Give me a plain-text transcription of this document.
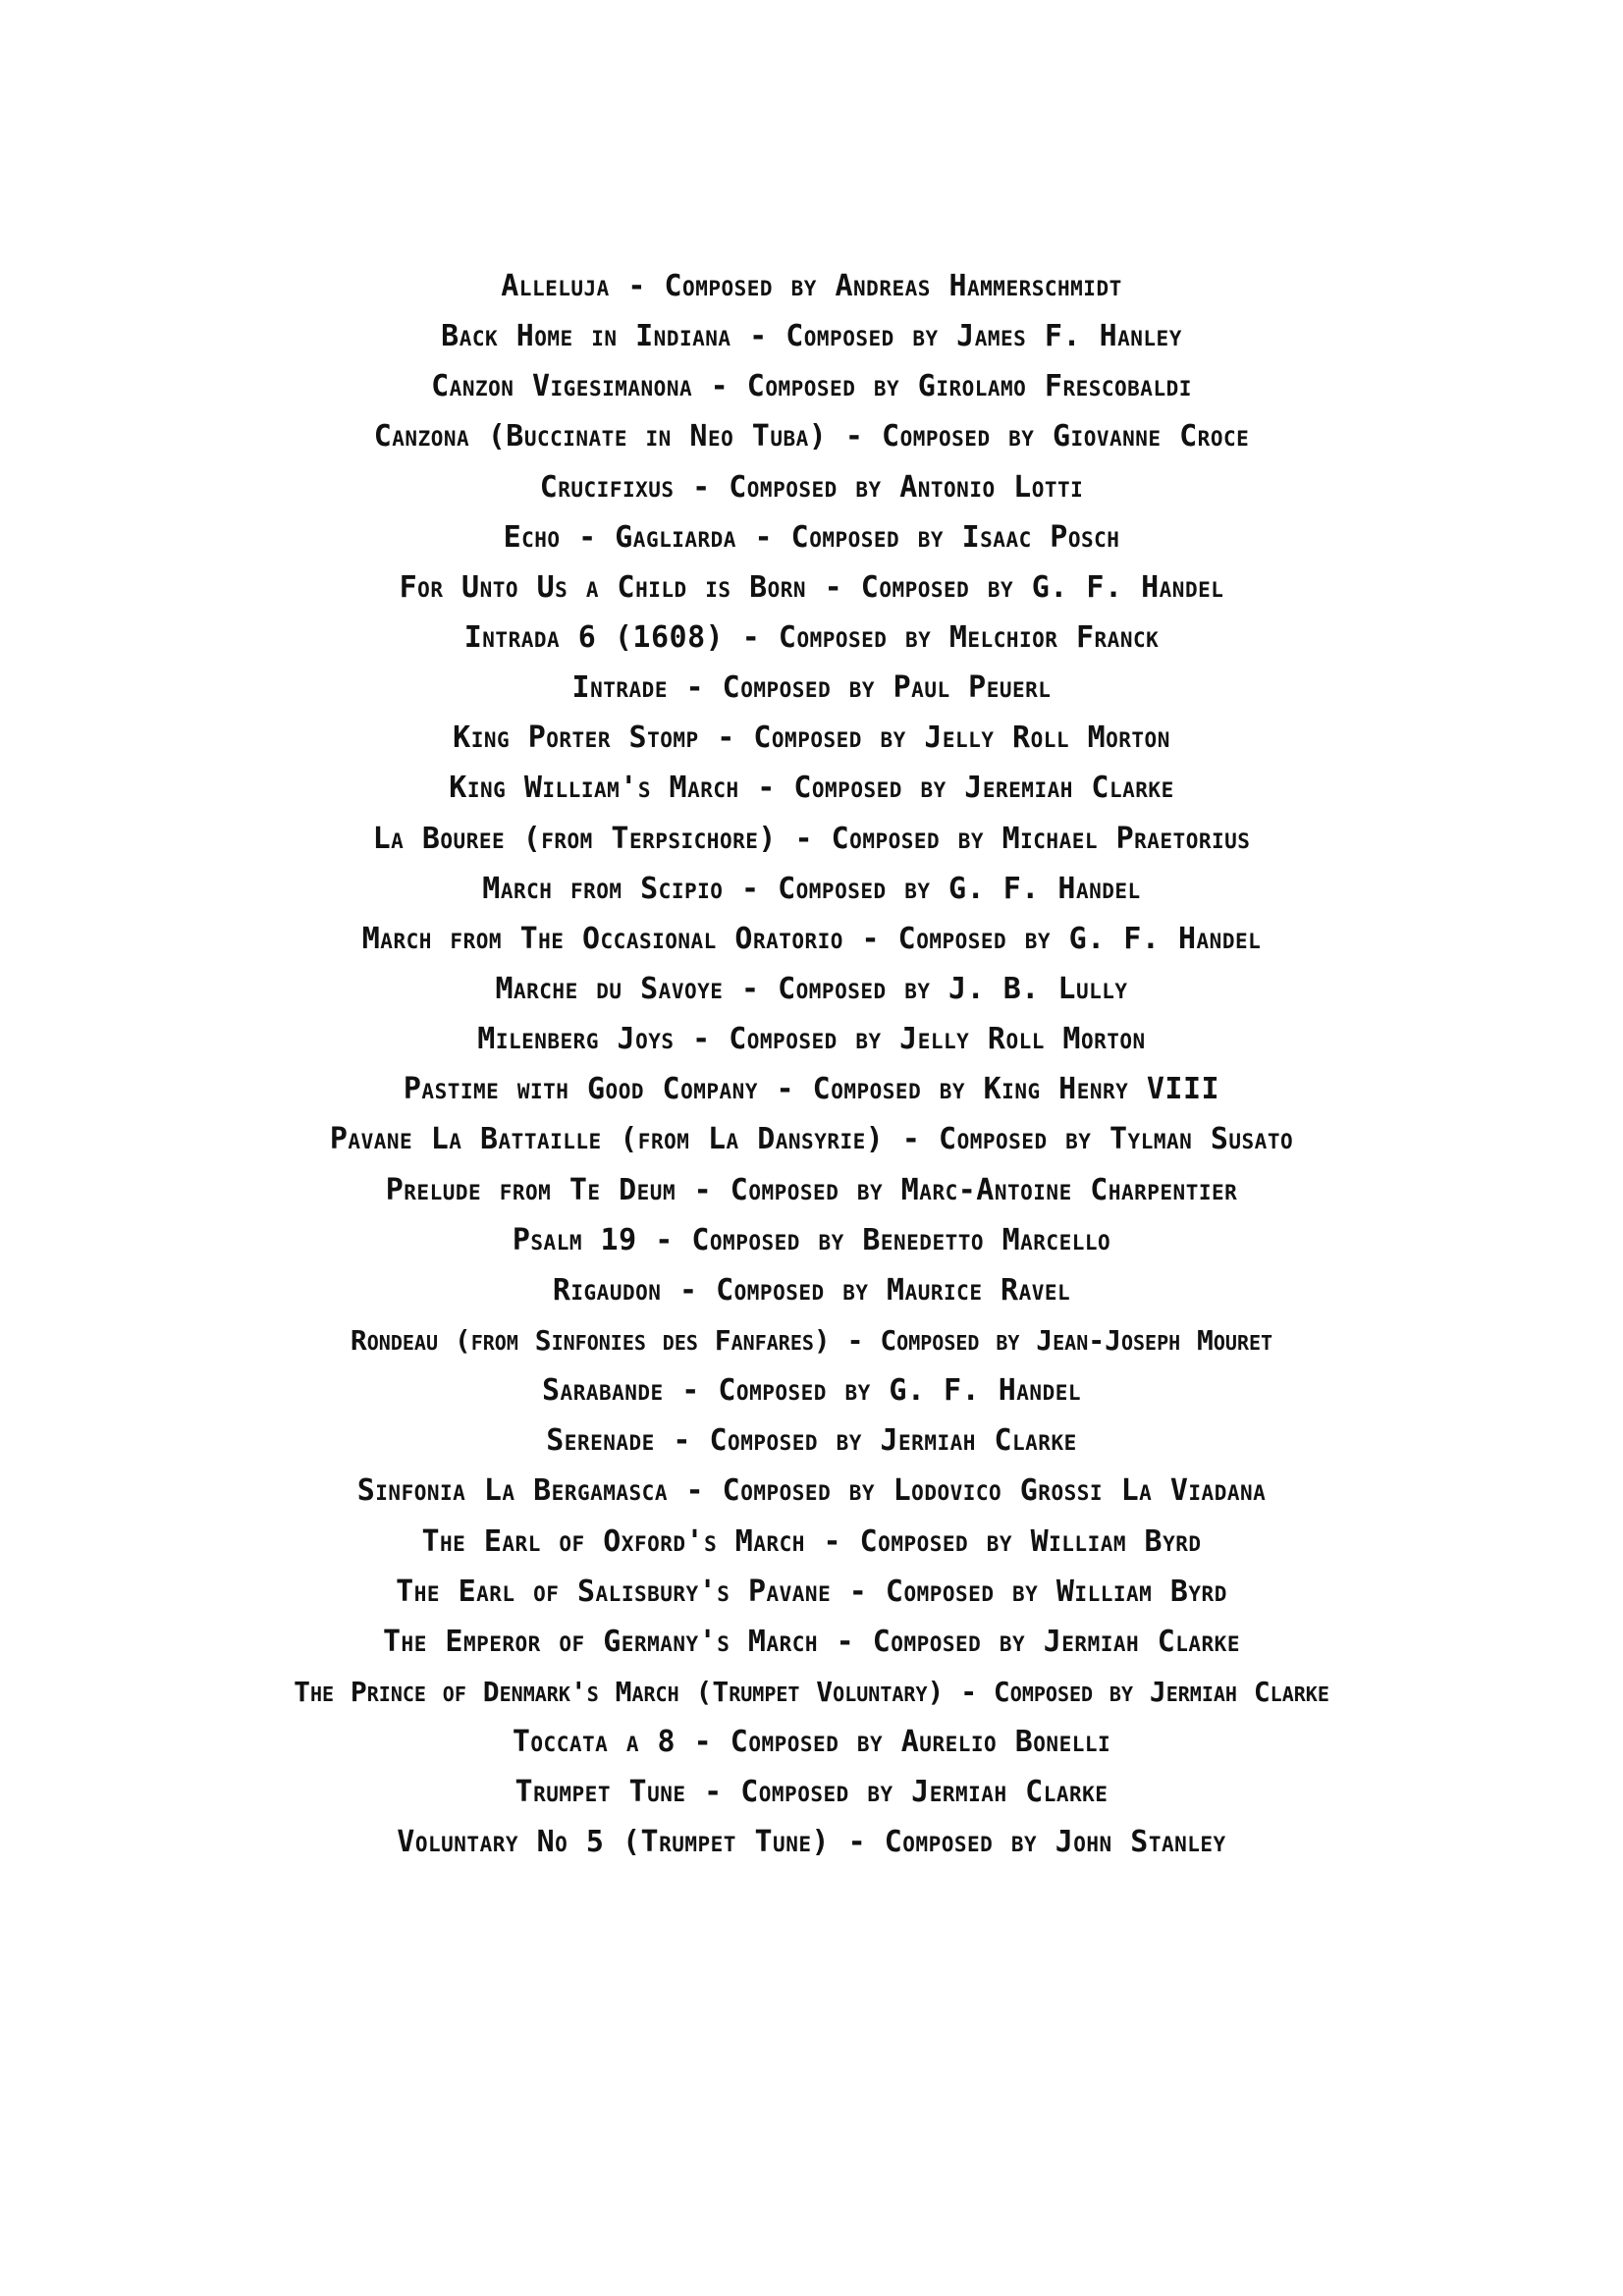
Alleluja - Composed by Andreas Hammerschmidt
Back Home in Indiana - Composed by James F. Hanley
Canzon Vigesimanona - Composed by Girolamo Frescobaldi
Canzona (Buccinate in Neo Tuba) - Composed by Giovanne Croce
Crucifixus - Composed by Antonio Lotti
Echo - Gagliarda - Composed by Isaac Posch
For Unto Us a Child is Born - Composed by G. F. Handel
Intrada 6 (1608) - Composed by Melchior Franck
Intrade - Composed by Paul Peuerl
King Porter Stomp - Composed by Jelly Roll Morton
King William's March - Composed by Jeremiah Clarke
La Bouree (from Terpsichore) - Composed by Michael Praetorius
March from Scipio - Composed by G. F. Handel
March from The Occasional Oratorio - Composed by G. F. Handel
Marche du Savoye - Composed by J. B. Lully
Milenberg Joys - Composed by Jelly Roll Morton
Pastime with Good Company - Composed by King Henry VIII
Pavane La Battaille (from La Dansyrie) - Composed by Tylman Susato
Prelude from Te Deum - Composed by Marc-Antoine Charpentier
Psalm 19 - Composed by Benedetto Marcello
Rigaudon - Composed by Maurice Ravel
Rondeau (from Sinfonies des Fanfares) - Composed by Jean-Joseph Mouret
Sarabande - Composed by G. F. Handel
Serenade - Composed by Jermiah Clarke
Sinfonia La Bergamasca - Composed by Lodovico Grossi La Viadana
The Earl of Oxford's March - Composed by William Byrd
The Earl of Salisbury's Pavane - Composed by William Byrd
The Emperor of Germany's March - Composed by Jermiah Clarke
The Prince of Denmark's March (Trumpet Voluntary) - Composed by Jermiah Clarke
Toccata a 8 - Composed by Aurelio Bonelli
Trumpet Tune - Composed by Jermiah Clarke
Voluntary No 5 (Trumpet Tune) - Composed by John Stanley
